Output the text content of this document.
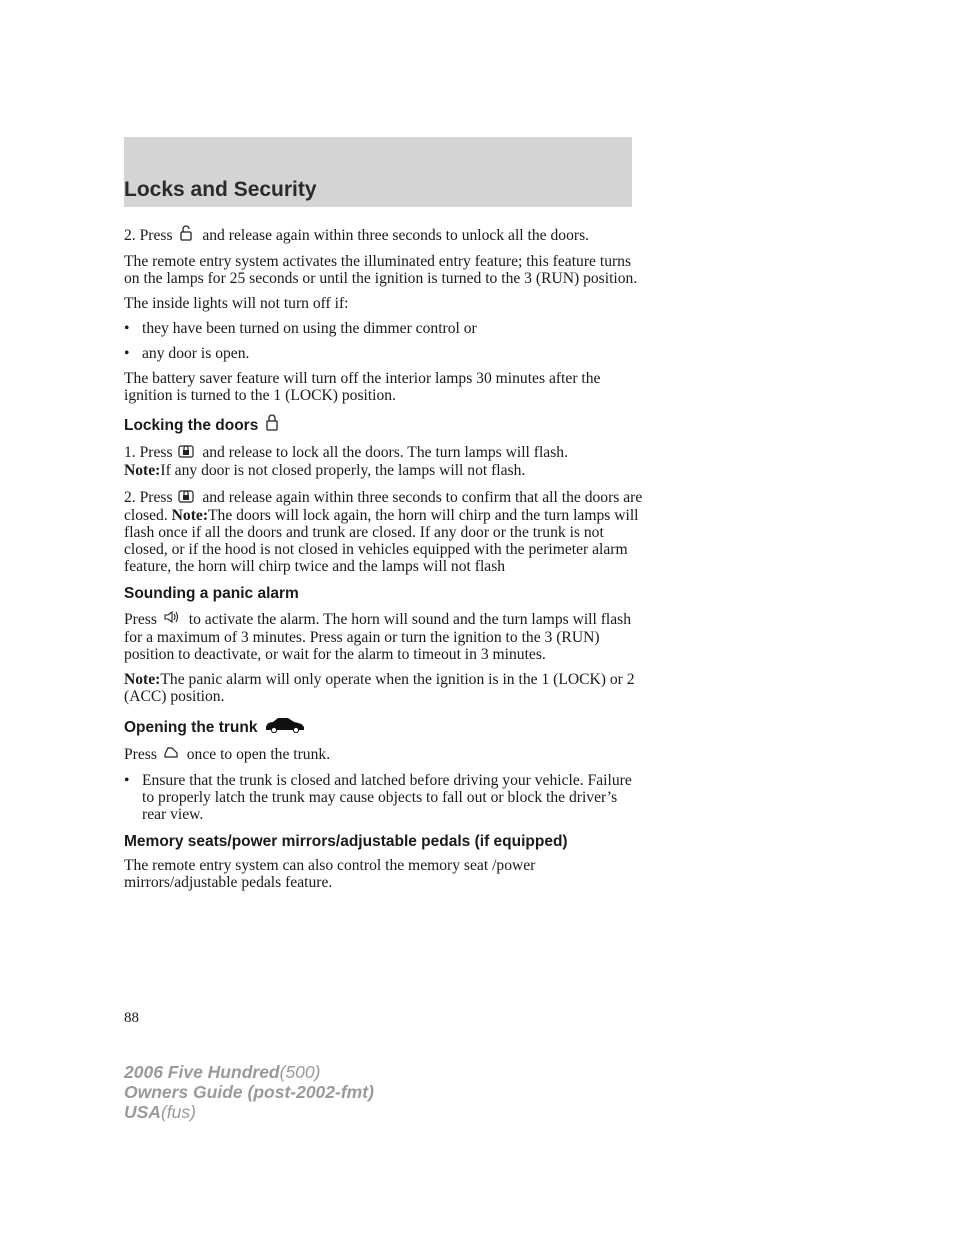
Locks and Security

2. Press and release again within three seconds to unlock all the doors.

The remote entry system activates the illuminated entry feature; this feature turns on the lamps for 25 seconds or until the ignition is turned to the 3 (RUN) position.

The inside lights will not turn off if:

• they have been turned on using the dimmer control or
• any door is open.

The battery saver feature will turn off the interior lamps 30 minutes after the ignition is turned to the 1 (LOCK) position.

Locking the doors

1. Press and release to lock all the doors. The turn lamps will flash.
Note:If any door is not closed properly, the lamps will not flash.

2. Press and release again within three seconds to confirm that all the doors are closed. Note:The doors will lock again, the horn will chirp and the turn lamps will flash once if all the doors and trunk are closed. If any door or the trunk is not closed, or if the hood is not closed in vehicles equipped with the perimeter alarm feature, the horn will chirp twice and the lamps will not flash

Sounding a panic alarm

Press to activate the alarm. The horn will sound and the turn lamps will flash for a maximum of 3 minutes. Press again or turn the ignition to the 3 (RUN) position to deactivate, or wait for the alarm to timeout in 3 minutes.

Note:The panic alarm will only operate when the ignition is in the 1 (LOCK) or 2 (ACC) position.

Opening the trunk

Press once to open the trunk.

• Ensure that the trunk is closed and latched before driving your vehicle. Failure to properly latch the trunk may cause objects to fall out or block the driver’s rear view.
Memory seats/power mirrors/adjustable pedals (if equipped)

The remote entry system can also control the memory seat /power mirrors/adjustable pedals feature.

88
2006 Five Hundred(500)
Owners Guide (post-2002-fmt)
USA(fus)
